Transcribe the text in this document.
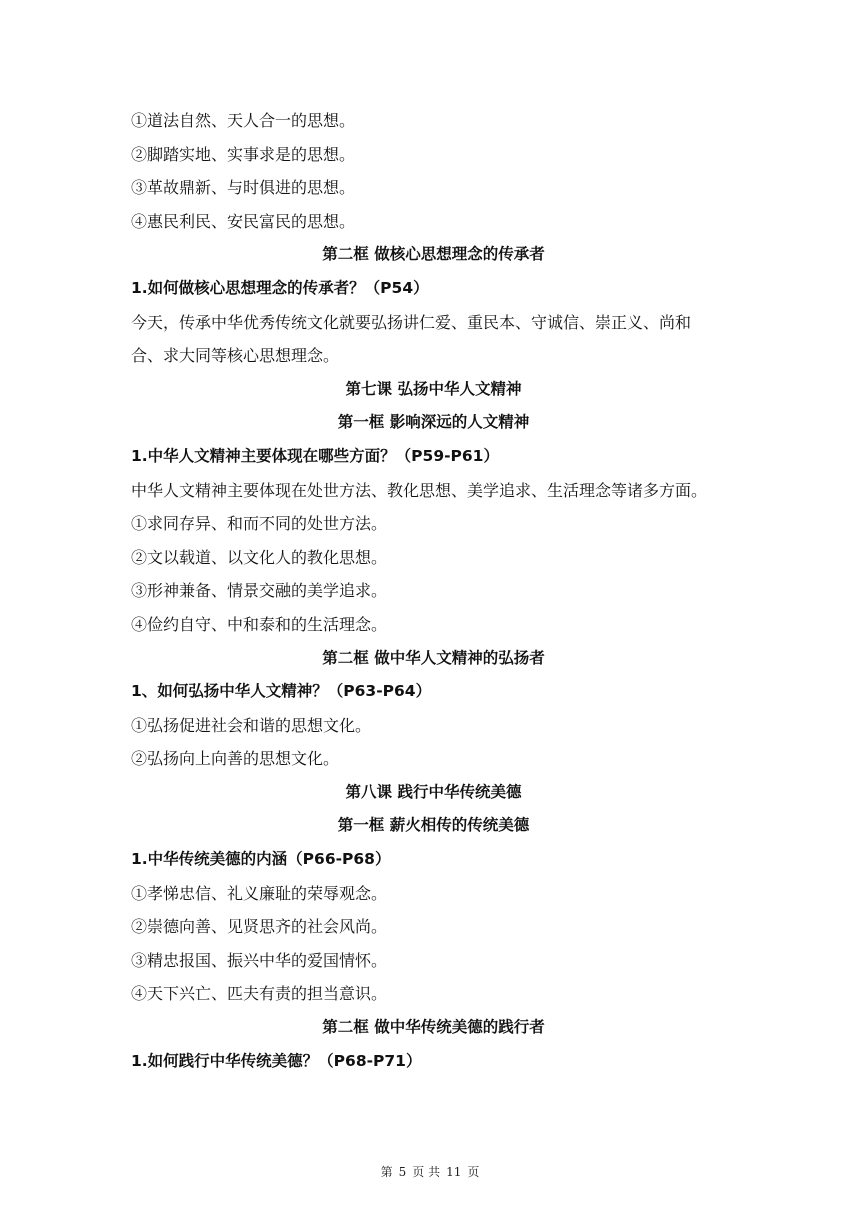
①道法自然、天人合一的思想。
②脚踏实地、实事求是的思想。
③革故鼎新、与时俱进的思想。
④惠民利民、安民富民的思想。
第二框 做核心思想理念的传承者
1.如何做核心思想理念的传承者？（P54）
今天，传承中华优秀传统文化就要弘扬讲仁爱、重民本、守诚信、崇正义、尚和
合、求大同等核心思想理念。
第七课 弘扬中华人文精神
第一框 影响深远的人文精神
1.中华人文精神主要体现在哪些方面？（P59-P61）
中华人文精神主要体现在处世方法、教化思想、美学追求、生活理念等诸多方面。
①求同存异、和而不同的处世方法。
②文以载道、以文化人的教化思想。
③形神兼备、情景交融的美学追求。
④俭约自守、中和泰和的生活理念。
第二框 做中华人文精神的弘扬者
1、如何弘扬中华人文精神？（P63-P64）
①弘扬促进社会和谐的思想文化。
②弘扬向上向善的思想文化。
第八课 践行中华传统美德
第一框 薪火相传的传统美德
1.中华传统美德的内涵（P66-P68）
①孝悌忠信、礼义廉耻的荣辱观念。
②崇德向善、见贤思齐的社会风尚。
③精忠报国、振兴中华的爱国情怀。
④天下兴亡、匹夫有责的担当意识。
第二框 做中华传统美德的践行者
1.如何践行中华传统美德？（P68-P71）
第 5 页 共 11 页
